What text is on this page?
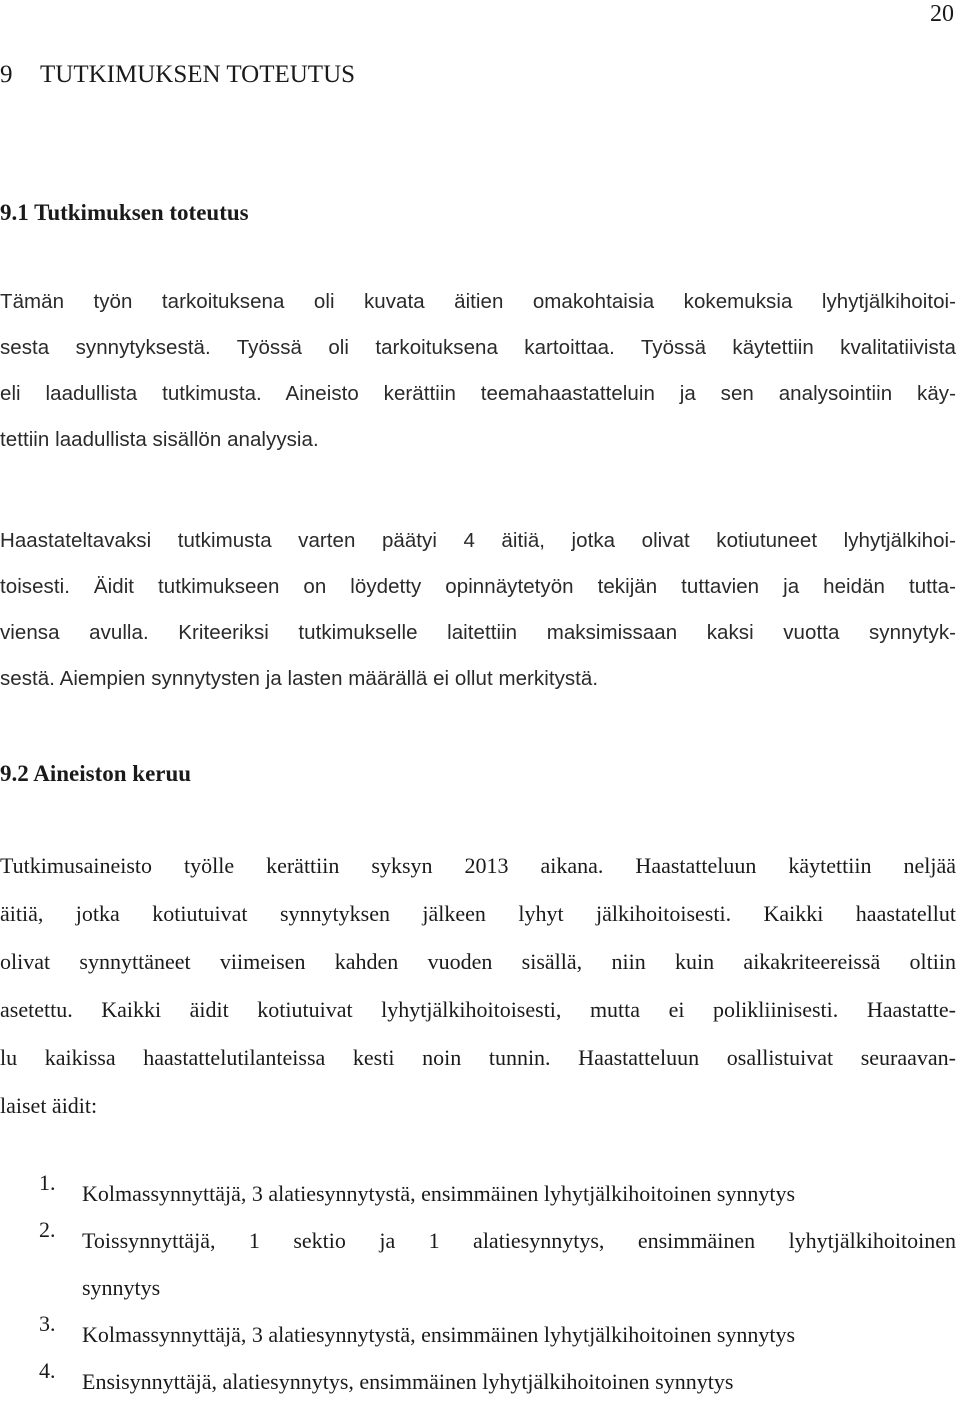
20
9 TUTKIMUKSEN TOTEUTUS
9.1 Tutkimuksen toteutus
Tämän työn tarkoituksena oli kuvata äitien omakohtaisia kokemuksia lyhytjälkihoitoi-
sesta synnytyksestä. Työssä oli tarkoituksena kartoittaa. Työssä käytettiin kvalitatiivista
eli laadullista tutkimusta. Aineisto kerättiin teemahaastatteluin ja sen analysointiin käy-
tettiin laadullista sisällön analyysia.
Haastateltavaksi tutkimusta varten päätyi 4 äitiä, jotka olivat kotiutuneet lyhytjälkihoi-
toisesti. Äidit tutkimukseen on löydetty opinnäytetyön tekijän tuttavien ja heidän tutta-
viensa avulla. Kriteeriksi tutkimukselle laitettiin maksimissaan kaksi vuotta synnytyk-
sestä. Aiempien synnytysten ja lasten määrällä ei ollut merkitystä.
9.2 Aineiston keruu
Tutkimusaineisto työlle kerättiin syksyn 2013 aikana. Haastatteluun käytettiin neljää
äitiä, jotka kotiutuivat synnytyksen jälkeen lyhyt jälkihoitoisesti. Kaikki haastatellut
olivat synnyttäneet viimeisen kahden vuoden sisällä, niin kuin aikakriteereissä oltiin
asetettu. Kaikki äidit kotiutuivat lyhytjälkihoitoisesti, mutta ei polikliinisesti. Haastatte-
lu kaikissa haastattelutilanteissa kesti noin tunnin. Haastatteluun osallistuivat seuraavan-
laiset äidit:
1. Kolmassynnyttäjä, 3 alatiesynnytystä, ensimmäinen lyhytjälkihoitoinen synnytys
2. Toissynnyttäjä, 1 sektio ja 1 alatiesynnytys, ensimmäinen lyhytjälkihoitoinen
synnytys
3. Kolmassynnyttäjä, 3 alatiesynnytystä, ensimmäinen lyhytjälkihoitoinen synnytys
4. Ensisynnyttäjä, alatiesynnytys, ensimmäinen lyhytjälkihoitoinen synnytys
